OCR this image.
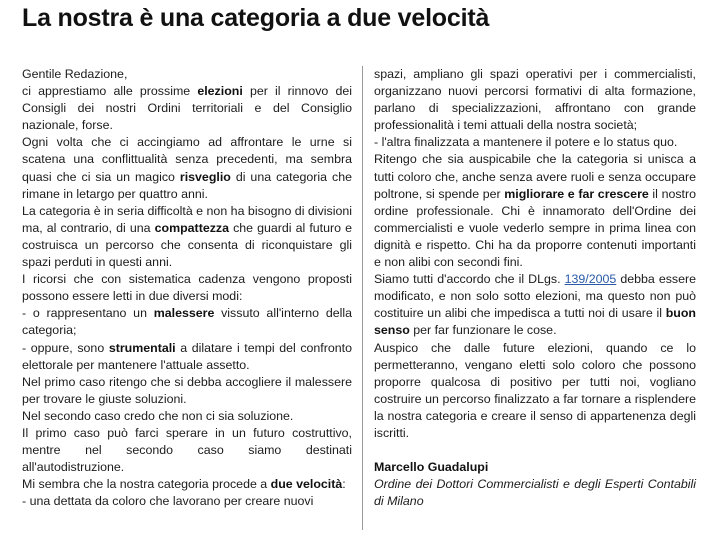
La nostra è una categoria a due velocità

Gentile Redazione,

ci apprestiamo alle prossime elezioni per il rinnovo dei Consigli dei nostri Ordini territoriali e del Consiglio nazionale, forse.

Ogni volta che ci accingiamo ad affrontare le urne si scatena una conflittualità senza precedenti, ma sembra quasi che ci sia un magico risveglio di una categoria che rimane in letargo per quattro anni.

La categoria è in seria difficoltà e non ha bisogno di divisioni ma, al contrario, di una compattezza che guardi al futuro e costruisca un percorso che consenta di riconquistare gli spazi perduti in questi anni.

I ricorsi che con sistematica cadenza vengono proposti possono essere letti in due diversi modi:

- o rappresentano un malessere vissuto all'interno della categoria;

- oppure, sono strumentali a dilatare i tempi del confronto elettorale per mantenere l'attuale assetto.

Nel primo caso ritengo che si debba accogliere il malessere per trovare le giuste soluzioni.

Nel secondo caso credo che non ci sia soluzione.

Il primo caso può farci sperare in un futuro costruttivo, mentre nel secondo caso siamo destinati all'autodistruzione.

Mi sembra che la nostra categoria procede a due velocità:

- una dettata da coloro che lavorano per creare nuovi

spazi, ampliano gli spazi operativi per i commercialisti, organizzano nuovi percorsi formativi di alta formazione, parlano di specializzazioni, affrontano con grande professionalità i temi attuali della nostra società;

- l'altra finalizzata a mantenere il potere e lo status quo.

Ritengo che sia auspicabile che la categoria si unisca a tutti coloro che, anche senza avere ruoli e senza occupare poltrone, si spende per migliorare e far crescere il nostro ordine professionale. Chi è innamorato dell'Ordine dei commercialisti e vuole vederlo sempre in prima linea con dignità e rispetto. Chi ha da proporre contenuti importanti e non alibi con secondi fini.

Siamo tutti d'accordo che il DLgs. 139/2005 debba essere modificato, e non solo sotto elezioni, ma questo non può costituire un alibi che impedisca a tutti noi di usare il buon senso per far funzionare le cose.

Auspico che dalle future elezioni, quando ce lo permetteranno, vengano eletti solo coloro che possono proporre qualcosa di positivo per tutti noi, vogliano costruire un percorso finalizzato a far tornare a risplendere la nostra categoria e creare il senso di appartenenza degli iscritti.

Marcello Guadalupi

Ordine dei Dottori Commercialisti e degli Esperti Contabili di Milano
